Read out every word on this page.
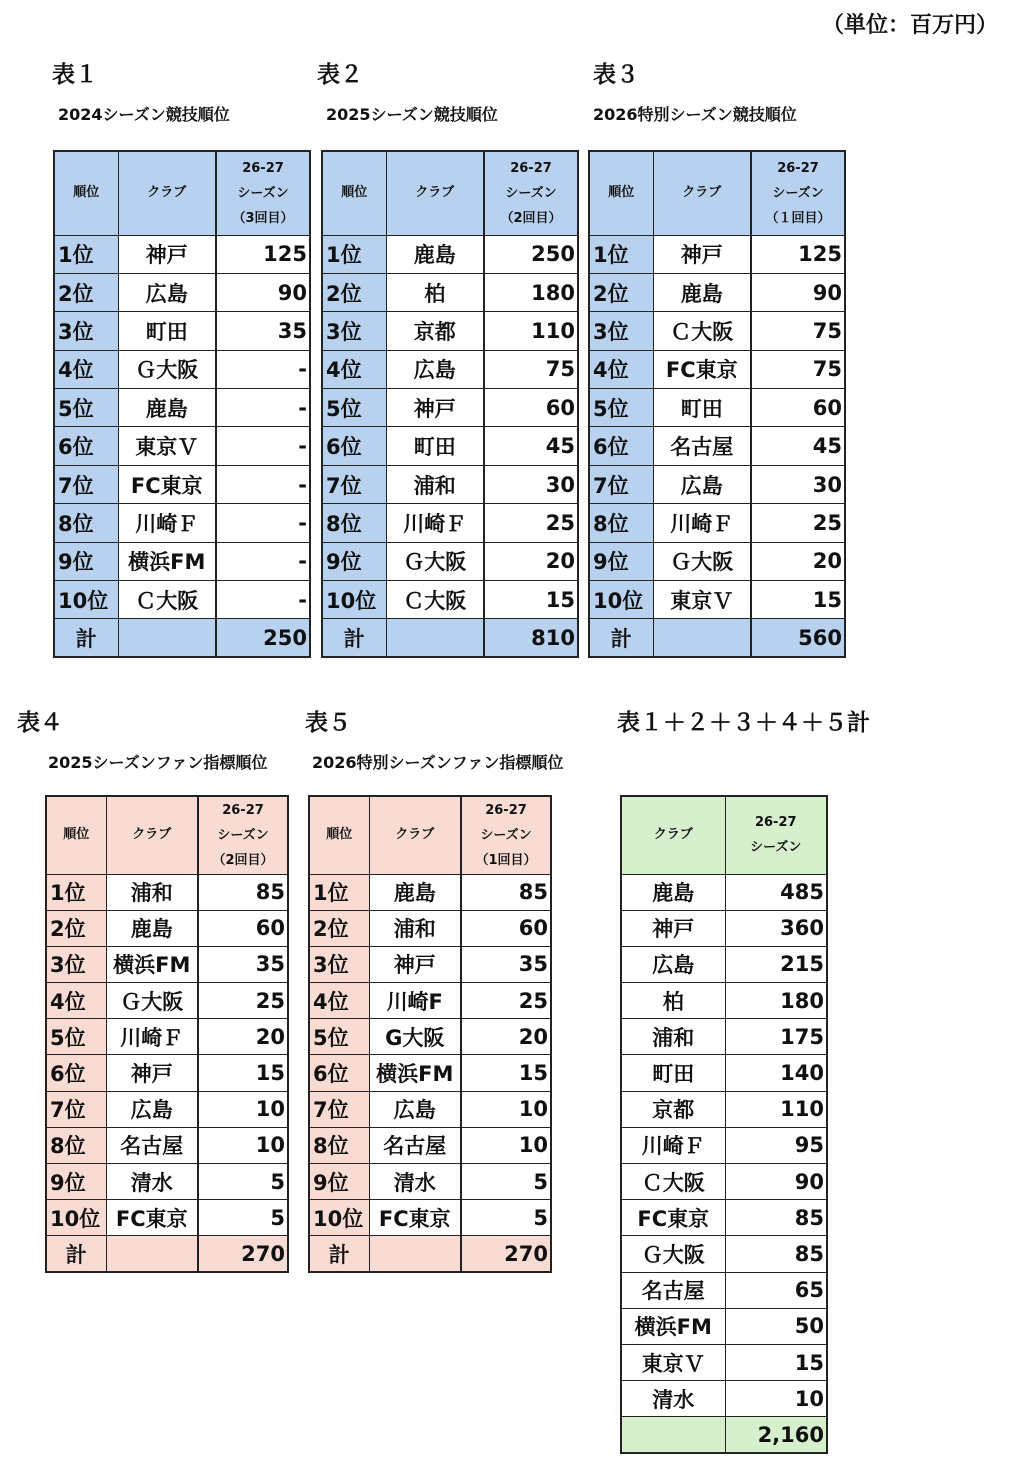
（単位：百万円）
表１
2024シーズン競技順位
順位	クラブ	26-27
シーズン
（3回目）

1位	神戸	125
2位	広島	90
3位	町田	35
4位	Ｇ大阪	-
5位	鹿島	-
6位	東京Ｖ	-
7位	FC東京	-
8位	川崎Ｆ	-
9位	横浜FM	-
10位	Ｃ大阪	-
計		250
表２
2025シーズン競技順位
順位	クラブ	26-27
シーズン
（2回目）

1位	鹿島	250
2位	柏	180
3位	京都	110
4位	広島	75
5位	神戸	60
6位	町田	45
7位	浦和	30
8位	川崎Ｆ	25
9位	Ｇ大阪	20
10位	Ｃ大阪	15
計		810
表３
2026特別シーズン競技順位
順位	クラブ	26-27
シーズン
（１回目）

1位	神戸	125
2位	鹿島	90
3位	Ｃ大阪	75
4位	FC東京	75
5位	町田	60
6位	名古屋	45
7位	広島	30
8位	川崎Ｆ	25
9位	Ｇ大阪	20
10位	東京Ｖ	15
計		560
表４
2025シーズンファン指標順位
順位	クラブ	26-27
シーズン
（2回目）

1位	浦和	85
2位	鹿島	60
3位	横浜FM	35
4位	Ｇ大阪	25
5位	川崎Ｆ	20
6位	神戸	15
7位	広島	10
8位	名古屋	10
9位	清水	5
10位	FC東京	5
計		270
表５
2026特別シーズンファン指標順位
順位	クラブ	26-27
シーズン
（1回目）

1位	鹿島	85
2位	浦和	60
3位	神戸	35
4位	川崎F	25
5位	G大阪	20
6位	横浜FM	15
7位	広島	10
8位	名古屋	10
9位	清水	5
10位	FC東京	5
計		270
表１＋２＋３＋４＋５計
クラブ	26-27
シーズン

鹿島	485
神戸	360
広島	215
柏	180
浦和	175
町田	140
京都	110
川崎Ｆ	95
Ｃ大阪	90
FC東京	85
Ｇ大阪	85
名古屋	65
横浜FM	50
東京Ｖ	15
清水	10
	2,160
